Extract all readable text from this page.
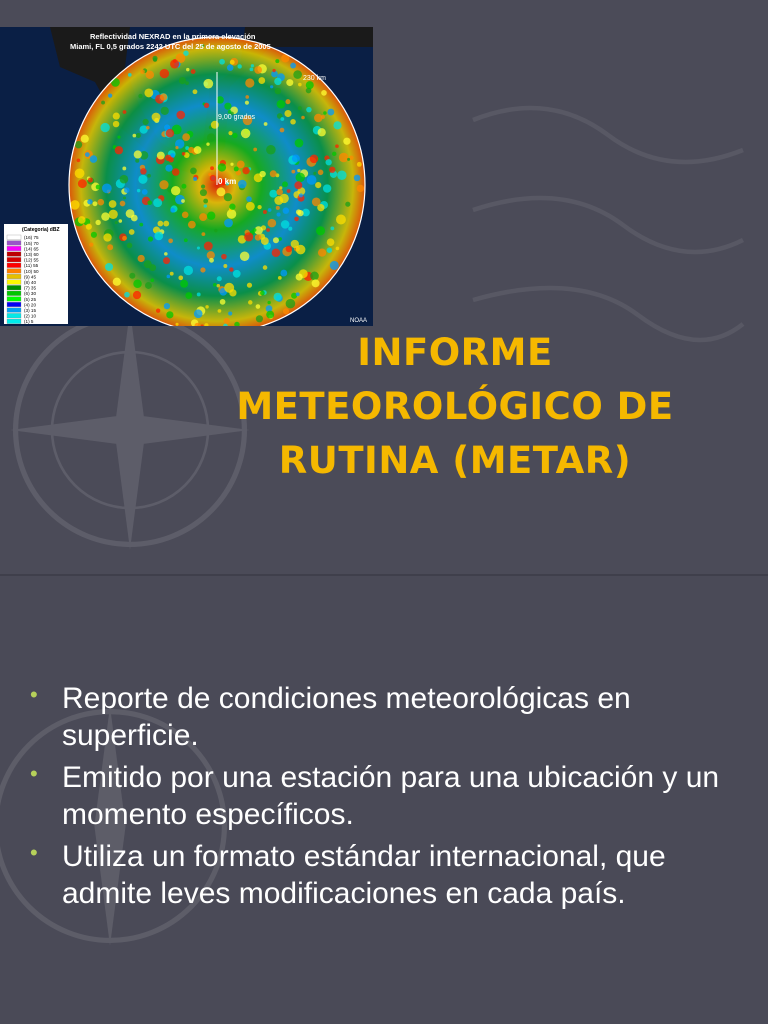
Reflectividad NEXRAD en la primera elevación
Miami, FL 0,5 grados 2242 UTC del 25 de agosto de 2005
230 km
9,00 grados
0 km
NOAA
(Categoría) dBZ
(16) 75
(15) 70
(14) 65
(13) 60
(12) 55
(11) 55
(10) 50
(9) 45
(8) 40
(7) 35
(6) 30
(5) 25
(4) 20
(3) 15
(2) 10
(1) 5
INFORME
METEOROLÓGICO DE
RUTINA (METAR)
• Reporte de condiciones meteorológicas en superficie.
• Emitido por una estación para una ubicación y un momento específicos.
• Utiliza un formato estándar internacional, que admite leves modificaciones en cada país.
